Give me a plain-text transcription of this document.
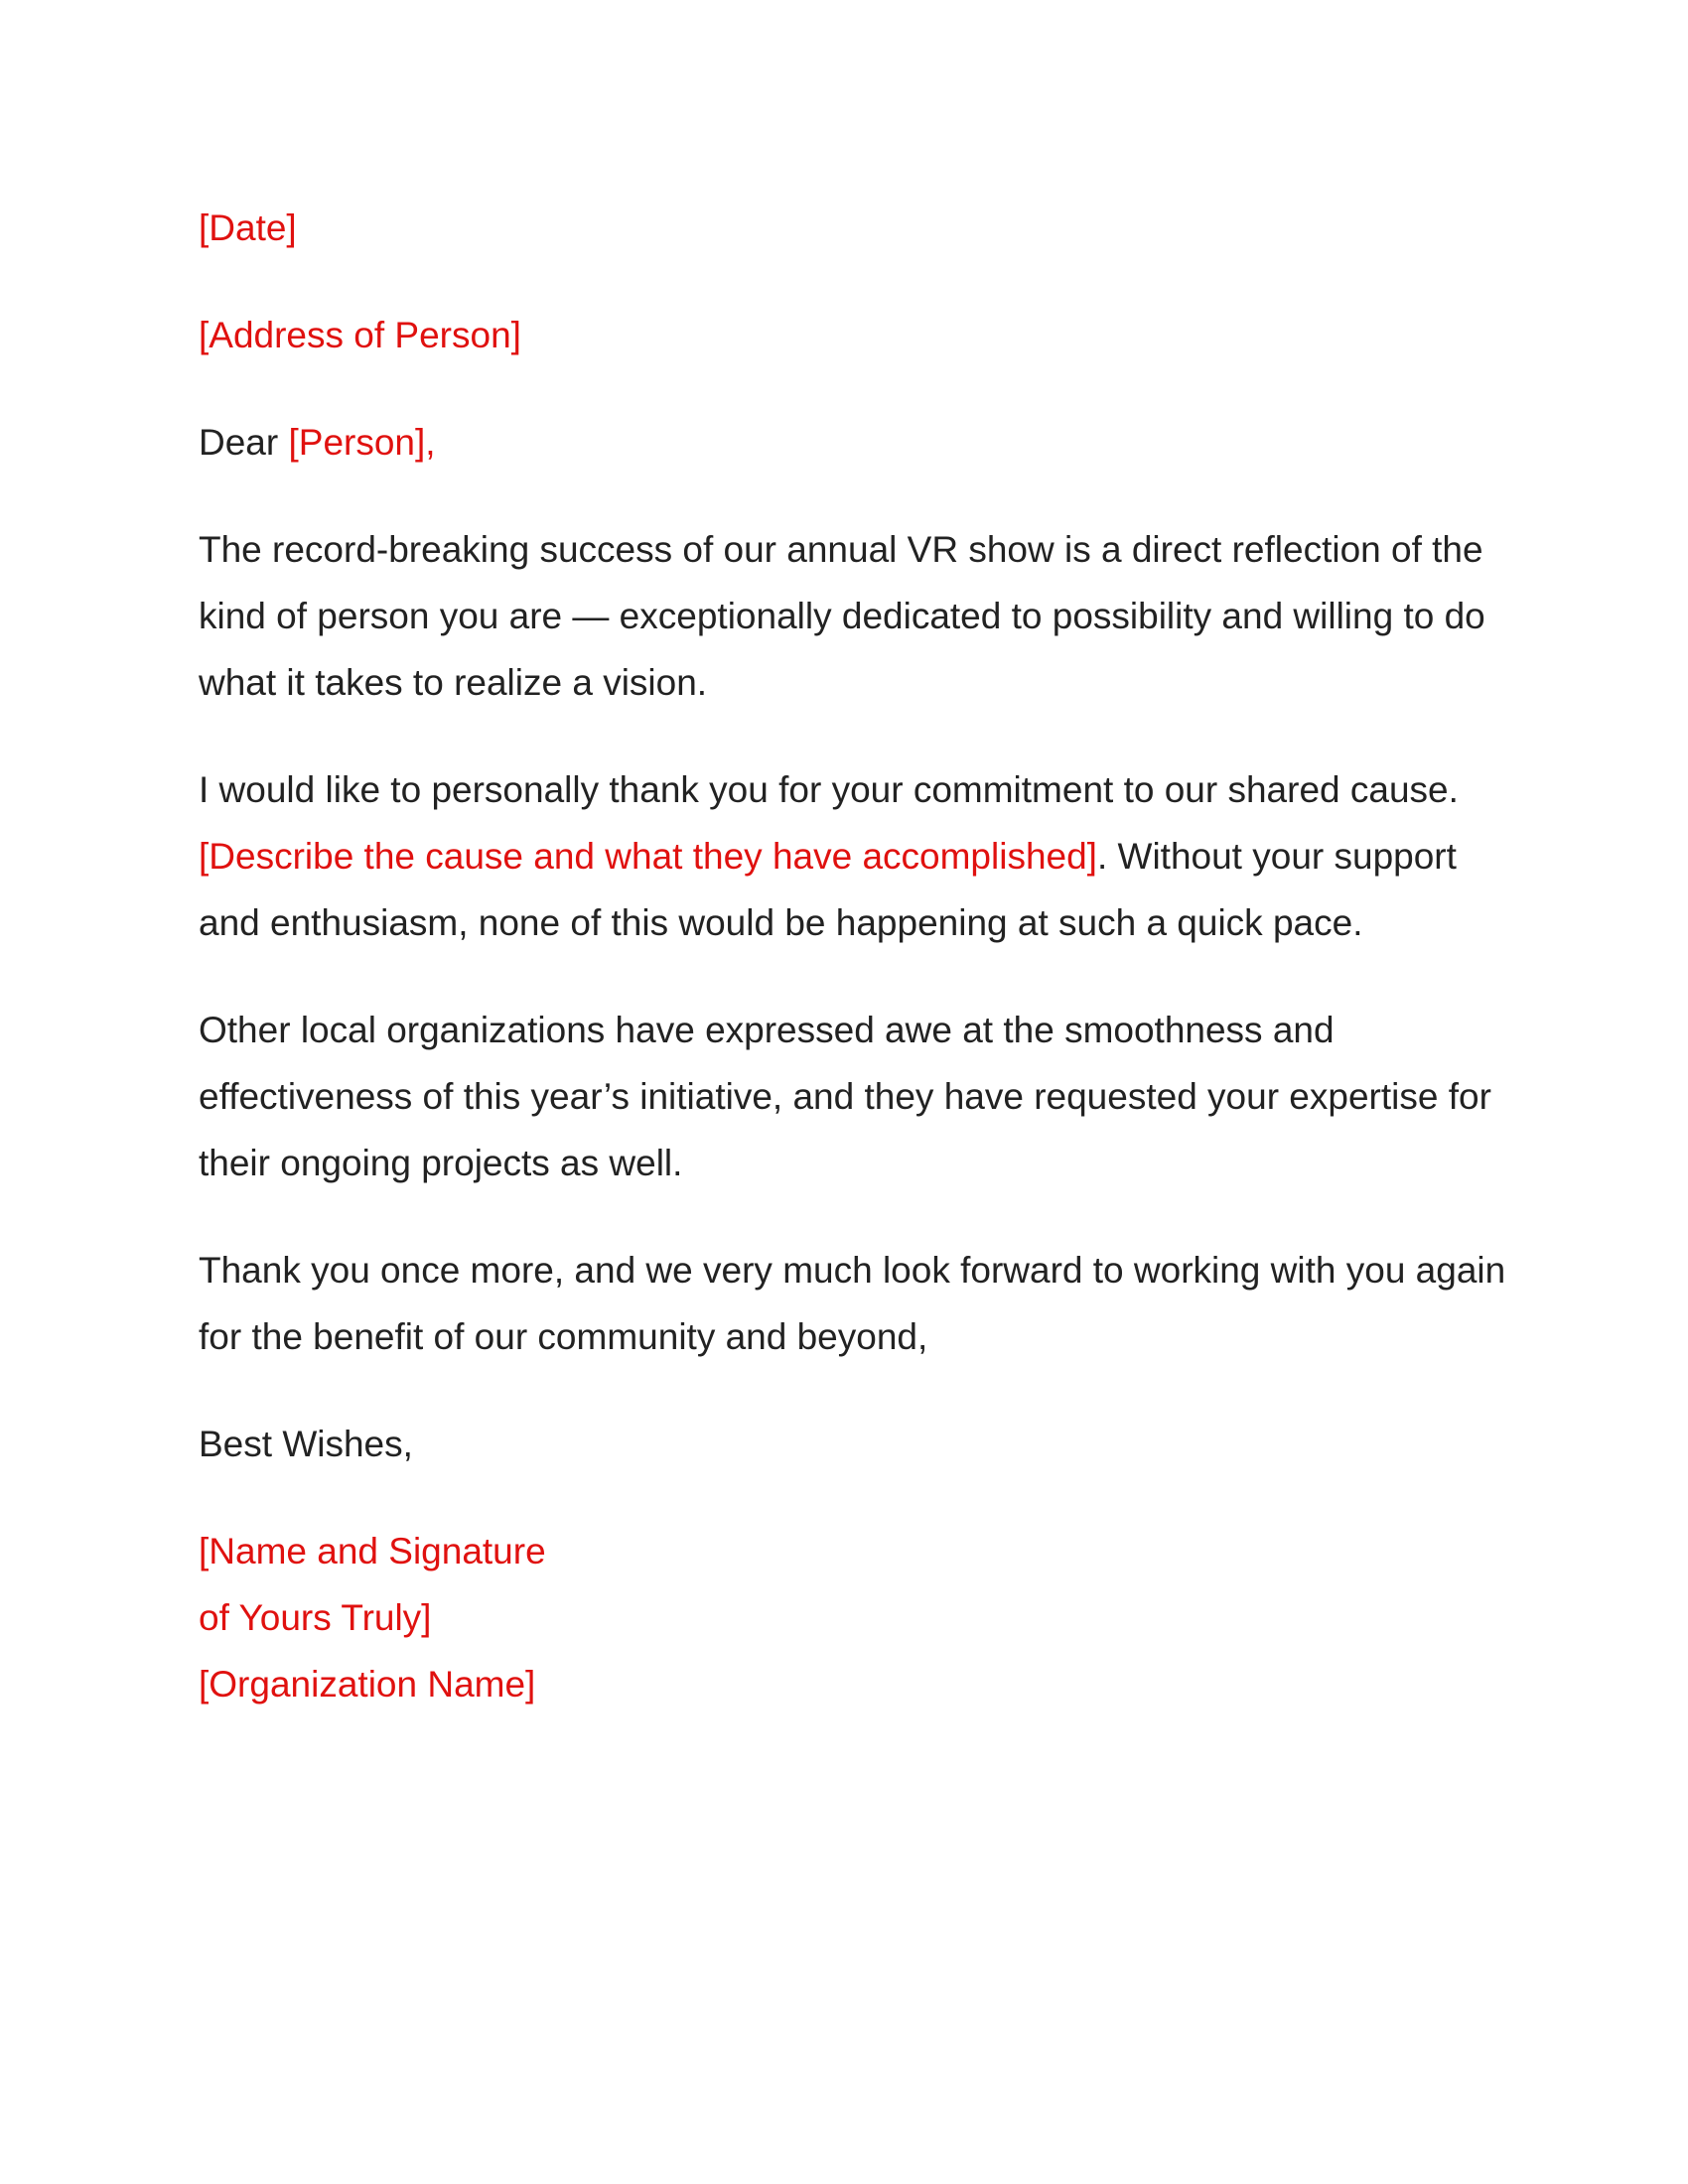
[Date]

[Address of Person]

Dear [Person],

The record-breaking success of our annual VR show is a direct reflection of the kind of person you are — exceptionally dedicated to possibility and willing to do what it takes to realize a vision.

I would like to personally thank you for your commitment to our shared cause. [Describe the cause and what they have accomplished]. Without your support and enthusiasm, none of this would be happening at such a quick pace.

Other local organizations have expressed awe at the smoothness and effectiveness of this year’s initiative, and they have requested your expertise for their ongoing projects as well.

Thank you once more, and we very much look forward to working with you again for the benefit of our community and beyond,

Best Wishes,

[Name and Signature

of Yours Truly]

[Organization Name]
